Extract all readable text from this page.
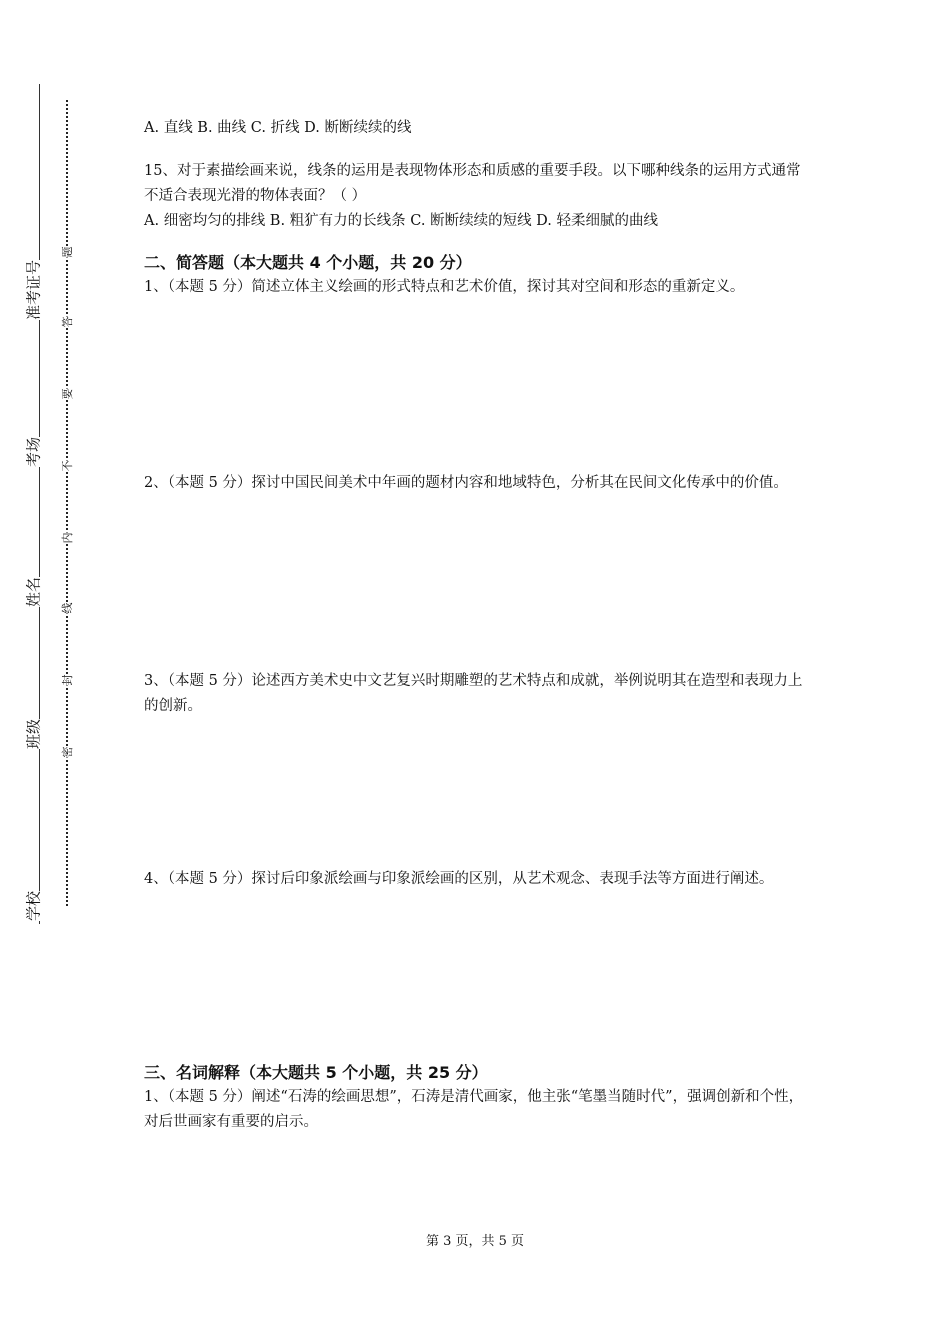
准考证号
考场
姓名
班级
学校
题
答
要
不
内
线
封
密

A. 直线 B. 曲线 C. 折线 D. 断断续续的线

15、对于素描绘画来说，线条的运用是表现物体形态和质感的重要手段。以下哪种线条的运用方式通常不适合表现光滑的物体表面？（ ）

A. 细密均匀的排线 B. 粗犷有力的长线条 C. 断断续续的短线 D. 轻柔细腻的曲线

二、简答题（本大题共 4 个小题，共 20 分）

1、（本题 5 分）简述立体主义绘画的形式特点和艺术价值，探讨其对空间和形态的重新定义。

2、（本题 5 分）探讨中国民间美术中年画的题材内容和地域特色，分析其在民间文化传承中的价值。

3、（本题 5 分）论述西方美术史中文艺复兴时期雕塑的艺术特点和成就，举例说明其在造型和表现力上的创新。

4、（本题 5 分）探讨后印象派绘画与印象派绘画的区别，从艺术观念、表现手法等方面进行阐述。

三、名词解释（本大题共 5 个小题，共 25 分）

1、（本题 5 分）阐述“石涛的绘画思想”，石涛是清代画家，他主张“笔墨当随时代”，强调创新和个性，对后世画家有重要的启示。

第 3 页，共 5 页
